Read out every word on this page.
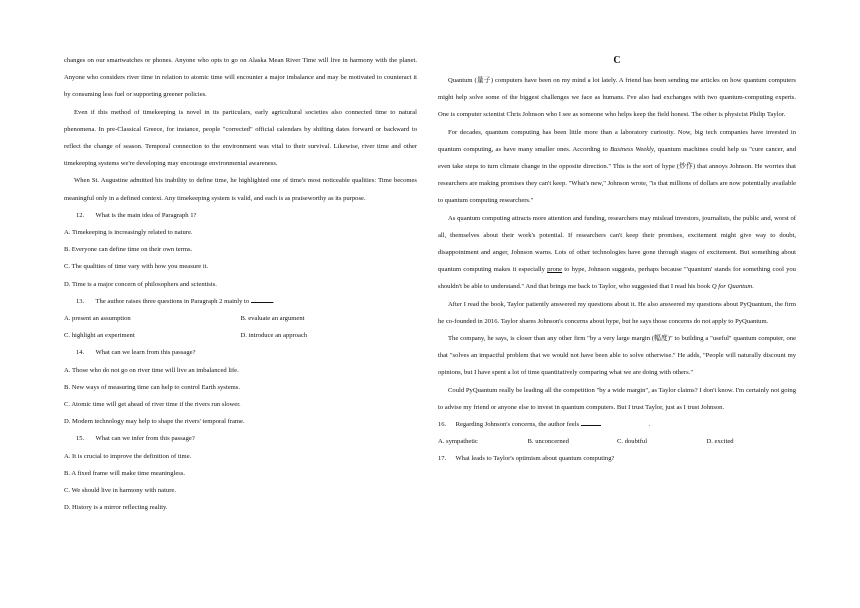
changes on our smartwatches or phones. Anyone who opts to go on Alaska Mean River Time will live in harmony with the planet. Anyone who considers river time in relation to atomic time will encounter a major imbalance and may be motivated to counteract it by consuming less fuel or supporting greener policies.

Even if this method of timekeeping is novel in its particulars, early agricultural societies also connected time to natural phenomena. In pre-Classical Greece, for instance, people "corrected" official calendars by shifting dates forward or backward to reflect the change of season. Temporal connection to the environment was vital to their survival. Likewise, river time and other timekeeping systems we're developing may encourage environmental awareness.

When St. Augustine admitted his inability to define time, he highlighted one of time's most noticeable qualities: Time becomes meaningful only in a defined context. Any timekeeping system is valid, and each is as praiseworthy as its purpose.

12. What is the main idea of Paragraph 1?

A. Timekeeping is increasingly related to nature.

B. Everyone can define time on their own terms.

C. The qualities of time vary with how you measure it.

D. Time is a major concern of philosophers and scientists.

13. The author raises three questions in Paragraph 2 mainly to	.

A. present an assumption	B. evaluate an argument
C. highlight an experiment	D. introduce an approach

14. What can we learn from this passage?

A. Those who do not go on river time will live an imbalanced life.

B. New ways of measuring time can help to control Earth systems.

C. Atomic time will get ahead of river time if the rivers run slower.

D. Modern technology may help to shape the rivers' temporal frame.

15. What can we infer from this passage?

A. It is crucial to improve the definition of time.

B. A fixed frame will make time meaningless.

C. We should live in harmony with nature.

D. History is a mirror reflecting reality.

C

Quantum (量子) computers have been on my mind a lot lately. A friend has been sending me articles on how quantum computers might help solve some of the biggest challenges we face as humans. I've also had exchanges with two quantum-computing experts. One is computer scientist Chris Johnson who I see as someone who helps keep the field honest. The other is physicist Philip Taylor.

For decades, quantum computing has been little more than a laboratory curiosity. Now, big tech companies have invested in quantum computing, as have many smaller ones. According to Business Weekly, quantum machines could help us "cure cancer, and even take steps to turn climate change in the opposite direction." This is the sort of hype (炒作) that annoys Johnson. He worries that researchers are making promises they can't keep. "What's new," Johnson wrote, "is that millions of dollars are now potentially available to quantum computing researchers."

As quantum computing attracts more attention and funding, researchers may mislead investors, journalists, the public and, worst of all, themselves about their work's potential. If researchers can't keep their promises, excitement might give way to doubt, disappointment and anger, Johnson warns. Lots of other technologies have gone through stages of excitement. But something about quantum computing makes it especially prone to hype, Johnson suggests, perhaps because "'quantum' stands for something cool you shouldn't be able to understand." And that brings me back to Taylor, who suggested that I read his book Q for Quantum.

After I read the book, Taylor patiently answered my questions about it. He also answered my questions about PyQuantum, the firm he co-founded in 2016. Taylor shares Johnson's concerns about hype, but he says those concerns do not apply to PyQuantum.

The company, he says, is closer than any other firm "by a very large margin (幅度)" to building a "useful" quantum computer, one that "solves an impactful problem that we would not have been able to solve otherwise." He adds, "People will naturally discount my opinions, but I have spent a lot of time quantitatively comparing what we are doing with others."

Could PyQuantum really be leading all the competition "by a wide margin", as Taylor claims? I don't know. I'm certainly not going to advise my friend or anyone else to invest in quantum computers. But I trust Taylor, just as I trust Johnson.

16. Regarding Johnson's concerns, the author feels	.

A. sympathetic	B. unconcerned	C. doubtful	D. excited

17. What leads to Taylor's optimism about quantum computing?
